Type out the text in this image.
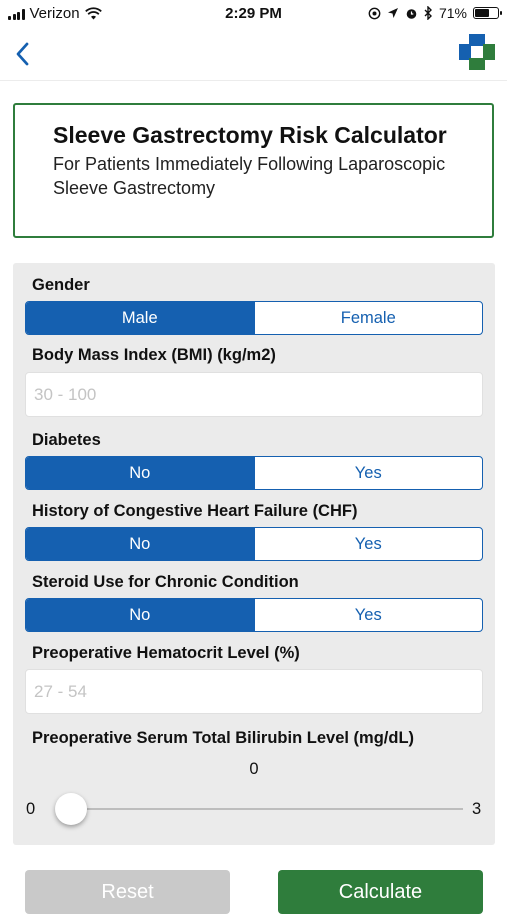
Verizon	2:29 PM	71%
Sleeve Gastrectomy Risk Calculator
For Patients Immediately Following Laparoscopic Sleeve Gastrectomy
Gender
Male	Female
Body Mass Index (BMI) (kg/m2)
30 - 100
Diabetes
No	Yes
History of Congestive Heart Failure (CHF)
No	Yes
Steroid Use for Chronic Condition
No	Yes
Preoperative Hematocrit Level (%)
27 - 54
Preoperative Serum Total Bilirubin Level (mg/dL)
0
0	3
Reset	Calculate
